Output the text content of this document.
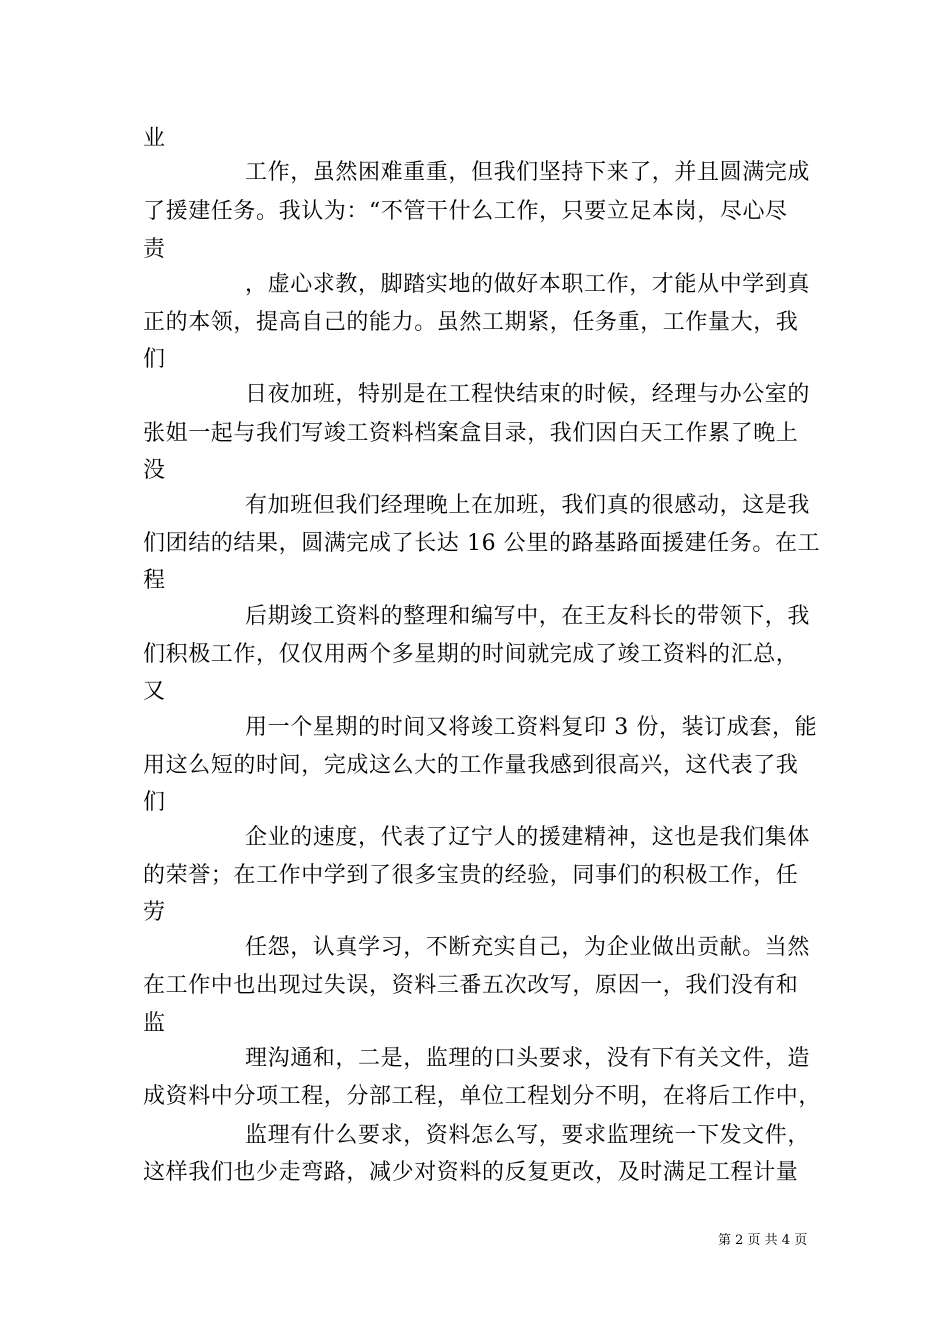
业
工作，虽然困难重重，但我们坚持下来了，并且圆满完成
了援建任务。我认为：“不管干什么工作，只要立足本岗，尽心尽
责
，虚心求教，脚踏实地的做好本职工作，才能从中学到真
正的本领，提高自己的能力。虽然工期紧，任务重，工作量大，我
们
日夜加班，特别是在工程快结束的时候，经理与办公室的
张姐一起与我们写竣工资料档案盒目录，我们因白天工作累了晚上
没
有加班但我们经理晚上在加班，我们真的很感动，这是我
们团结的结果，圆满完成了长达 16 公里的路基路面援建任务。在工
程
后期竣工资料的整理和编写中，在王友科长的带领下，我
们积极工作，仅仅用两个多星期的时间就完成了竣工资料的汇总，
又
用一个星期的时间又将竣工资料复印 3 份，装订成套，能
用这么短的时间，完成这么大的工作量我感到很高兴，这代表了我
们
企业的速度，代表了辽宁人的援建精神，这也是我们集体
的荣誉；在工作中学到了很多宝贵的经验，同事们的积极工作，任
劳
任怨，认真学习，不断充实自己，为企业做出贡献。当然
在工作中也出现过失误，资料三番五次改写，原因一，我们没有和
监
理沟通和，二是，监理的口头要求，没有下有关文件，造
成资料中分项工程，分部工程，单位工程划分不明，在将后工作中，
监理有什么要求，资料怎么写，要求监理统一下发文件，
这样我们也少走弯路，减少对资料的反复更改，及时满足工程计量
第 2 页 共 4 页
